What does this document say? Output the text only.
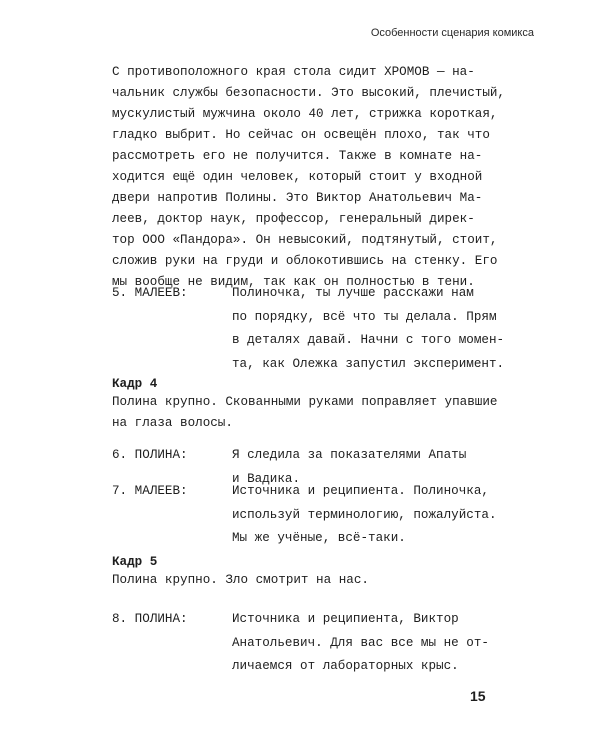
Особенности сценария комикса
С противоположного края стола сидит ХРОМОВ — на-
чальник службы безопасности. Это высокий, плечистый,
мускулистый мужчина около 40 лет, стрижка короткая,
гладко выбрит. Но сейчас он освещён плохо, так что
рассмотреть его не получится. Также в комнате на-
ходится ещё один человек, который стоит у входной
двери напротив Полины. Это Виктор Анатольевич Ма-
леев, доктор наук, профессор, генеральный дирек-
тор ООО «Пандора». Он невысокий, подтянутый, стоит,
сложив руки на груди и облокотившись на стенку. Его
мы вообще не видим, так как он полностью в тени.
5. МАЛЕЕВ:	Полиночка, ты лучше расскажи нам
по порядку, всё что ты делала. Прям
в деталях давай. Начни с того момен-
та, как Олежка запустил эксперимент.
Кадр 4
Полина крупно. Скованными руками поправляет упавшие
на глаза волосы.
6. ПОЛИНА:	Я следила за показателями Апаты
и Вадика.
7. МАЛЕЕВ:	Источника и реципиента. Полиночка,
используй терминологию, пожалуйста.
Мы же учёные, всё-таки.
Кадр 5
Полина крупно. Зло смотрит на нас.
8. ПОЛИНА:	Источника и реципиента, Виктор
Анатольевич. Для вас все мы не от-
личаемся от лабораторных крыс.
15
